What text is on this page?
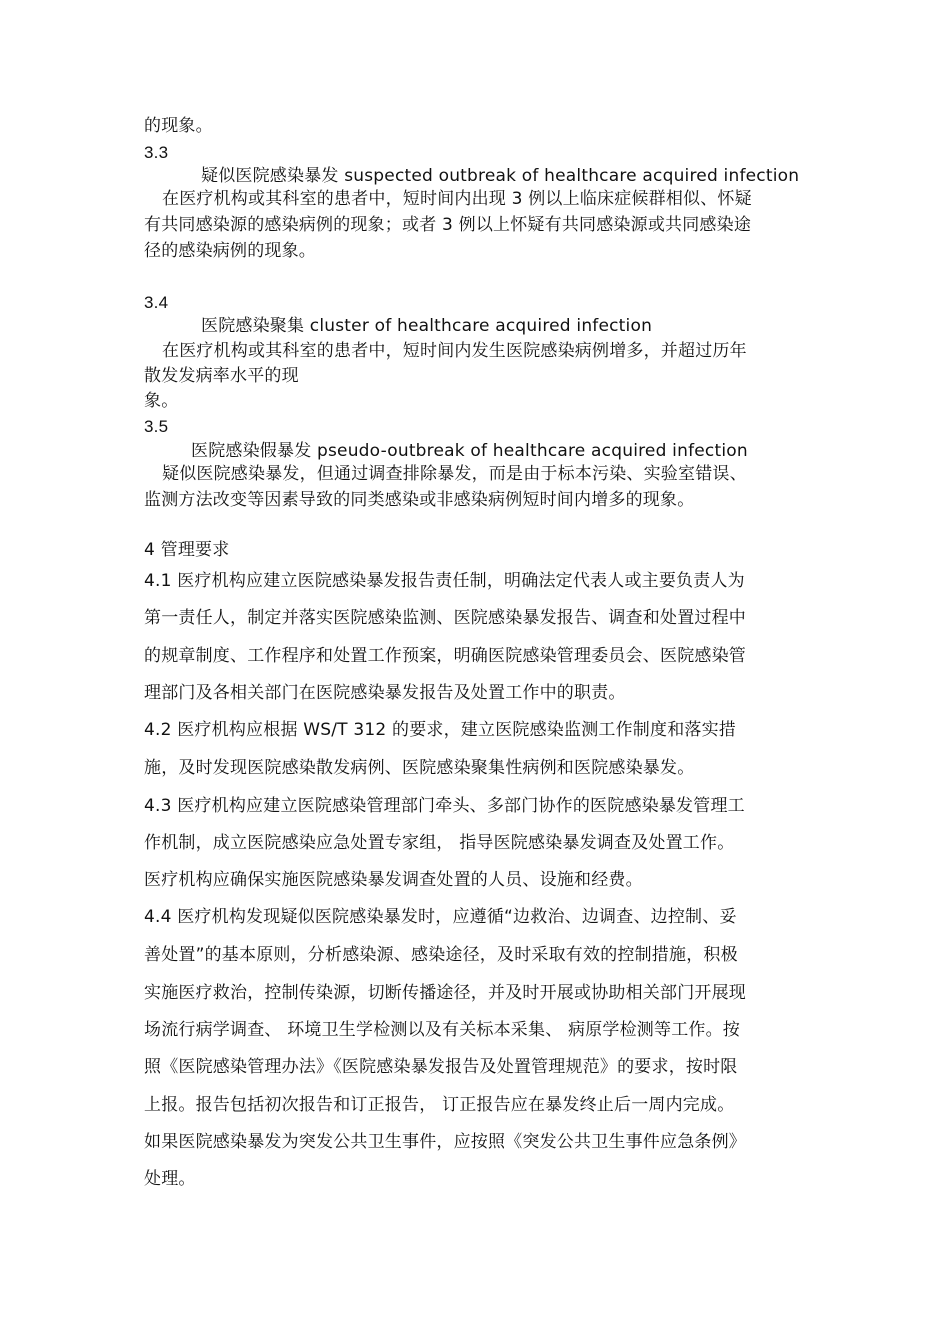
的现象。
3.3
疑似医院感染暴发 suspected outbreak of healthcare acquired infection
在医疗机构或其科室的患者中，短时间内出现 3 例以上临床症候群相似、怀疑
有共同感染源的感染病例的现象；或者 3 例以上怀疑有共同感染源或共同感染途
径的感染病例的现象。
3.4
医院感染聚集 cluster of healthcare acquired infection
在医疗机构或其科室的患者中，短时间内发生医院感染病例增多，并超过历年
散发发病率水平的现
象。
3.5
医院感染假暴发 pseudo-outbreak of healthcare acquired infection
疑似医院感染暴发，但通过调查排除暴发，而是由于标本污染、实验室错误、
监测方法改变等因素导致的同类感染或非感染病例短时间内增多的现象。
4 管理要求
4.1 医疗机构应建立医院感染暴发报告责任制，明确法定代表人或主要负责人为
第一责任人，制定并落实医院感染监测、医院感染暴发报告、调查和处置过程中
的规章制度、工作程序和处置工作预案，明确医院感染管理委员会、医院感染管
理部门及各相关部门在医院感染暴发报告及处置工作中的职责。
4.2 医疗机构应根据 WS/T 312 的要求，建立医院感染监测工作制度和落实措
施，及时发现医院感染散发病例、医院感染聚集性病例和医院感染暴发。
4.3 医疗机构应建立医院感染管理部门牵头、多部门协作的医院感染暴发管理工
作机制，成立医院感染应急处置专家组， 指导医院感染暴发调查及处置工作。
医疗机构应确保实施医院感染暴发调查处置的人员、设施和经费。
4.4 医疗机构发现疑似医院感染暴发时，应遵循“边救治、边调查、边控制、妥
善处置”的基本原则，分析感染源、感染途径，及时采取有效的控制措施，积极
实施医疗救治，控制传染源，切断传播途径，并及时开展或协助相关部门开展现
场流行病学调查、 环境卫生学检测以及有关标本采集、 病原学检测等工作。按
照《医院感染管理办法》《医院感染暴发报告及处置管理规范》的要求，按时限
上报。报告包括初次报告和订正报告， 订正报告应在暴发终止后一周内完成。
如果医院感染暴发为突发公共卫生事件，应按照《突发公共卫生事件应急条例》
处理。
